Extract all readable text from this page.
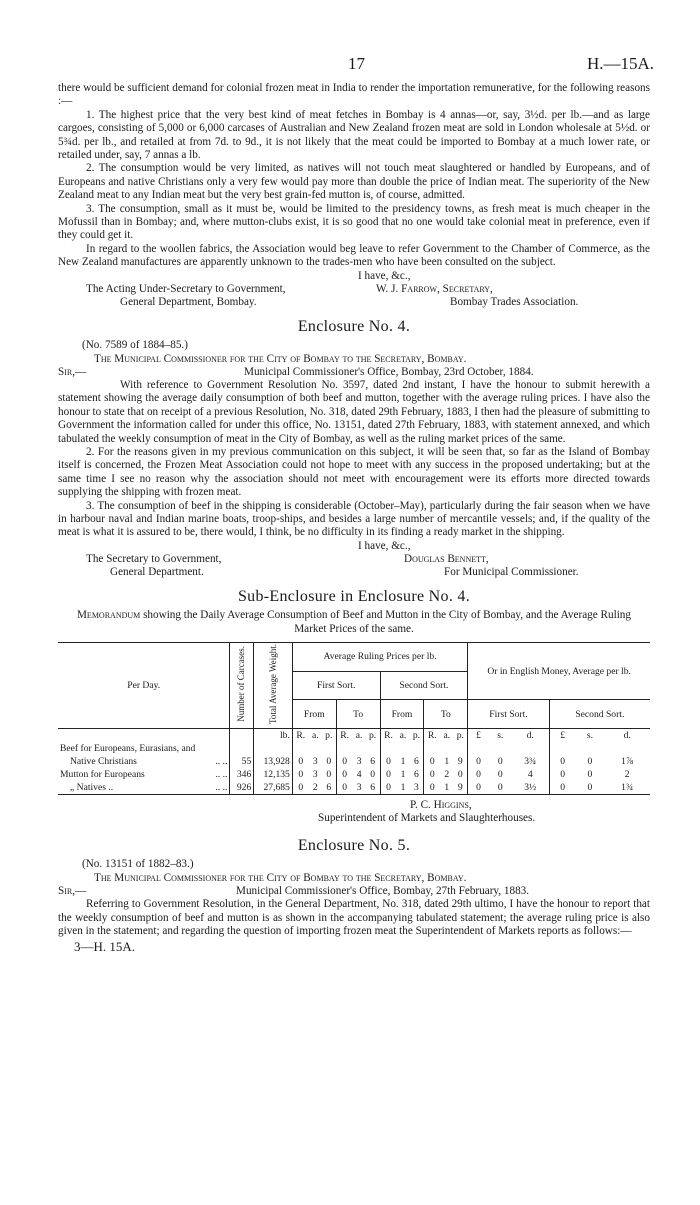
17	H.—15A.

there would be sufficient demand for colonial frozen meat in India to render the importation remunerative, for the following reasons :—

1. The highest price that the very best kind of meat fetches in Bombay is 4 annas—or, say, 3½d. per lb.—and as large cargoes, consisting of 5,000 or 6,000 carcases of Australian and New Zealand frozen meat are sold in London wholesale at 5½d. or 5¾d. per lb., and retailed at from 7d. to 9d., it is not likely that the meat could be imported to Bombay at a much lower rate, or retailed under, say, 7 annas a lb.

2. The consumption would be very limited, as natives will not touch meat slaughtered or handled by Europeans, and of Europeans and native Christians only a very few would pay more than double the price of Indian meat. The superiority of the New Zealand meat to any Indian meat but the very best grain-fed mutton is, of course, admitted.

3. The consumption, small as it must be, would be limited to the presidency towns, as fresh meat is much cheaper in the Mofussil than in Bombay; and, where mutton-clubs exist, it is so good that no one would take colonial meat in preference, even if they could get it.

In regard to the woollen fabrics, the Association would beg leave to refer Government to the Chamber of Commerce, as the New Zealand manufactures are apparently unknown to the trades-men who have been consulted on the subject.

I have, &c.,
The Acting Under-Secretary to Government,
General Department, Bombay.
W. J. Farrow, Secretary,
Bombay Trades Association.
Enclosure No. 4.

(No. 7589 of 1884–85.)

The Municipal Commissioner for the City of Bombay to the Secretary, Bombay.

Sir,—	Municipal Commissioner's Office, Bombay, 23rd October, 1884.

With reference to Government Resolution No. 3597, dated 2nd instant, I have the honour to submit herewith a statement showing the average daily consumption of both beef and mutton, together with the average ruling prices. I have also the honour to state that on receipt of a previous Resolution, No. 318, dated 29th February, 1883, I then had the pleasure of submitting to Government the information called for under this office, No. 13151, dated 27th February, 1883, with statement annexed, and which tabulated the weekly consumption of meat in the City of Bombay, as well as the ruling market prices of the same.

2. For the reasons given in my previous communication on this subject, it will be seen that, so far as the Island of Bombay itself is concerned, the Frozen Meat Association could not hope to meet with any success in the proposed undertaking; but at the same time I see no reason why the association should not meet with encouragement were its efforts more directed towards supplying the shipping with frozen meat.

3. The consumption of beef in the shipping is considerable (October–May), particularly during the fair season when we have in harbour naval and Indian marine boats, troop-ships, and besides a large number of mercantile vessels; and, if the quality of the meat is what it is assured to be, there would, I think, be no difficulty in its finding a ready market in the shipping.

I have, &c.,
The Secretary to Government,
General Department.
Douglas Bennett,
For Municipal Commissioner.
Sub-Enclosure in Enclosure No. 4.

Memorandum showing the Daily Average Consumption of Beef and Mutton in the City of Bombay, and the Average Ruling Market Prices of the same.

Per Day.	Number of Carcases.	Total Average Weight.	Average Ruling Prices per lb.												Or in English Money, Average per lb.					
			First Sort.						Second Sort.											
			From			To			From			To			First Sort.			Second Sort.		
		lb.	R.	a.	p.	R.	a.	p.	R.	a.	p.	R.	a.	p.	£	s.	d.	£	s.	d.
Beef for Europeans, Eurasians, and																				
Native Christians .. ..	55	13,928	0	3	0	0	3	6	0	1	6	0	1	9	0	0	3¾	0	0	1⅞
Mutton for Europeans .. ..	346	12,135	0	3	0	0	4	0	0	1	6	0	2	0	0	0	4	0	0	2
„ Natives .. .. ..	926	27,685	0	2	6	0	3	6	0	1	3	0	1	9	0	0	3½	0	0	1¾
P. C. Higgins,
Superintendent of Markets and Slaughterhouses.
Enclosure No. 5.

(No. 13151 of 1882–83.)

The Municipal Commissioner for the City of Bombay to the Secretary, Bombay.

Sir,—	Municipal Commissioner's Office, Bombay, 27th February, 1883.

Referring to Government Resolution, in the General Department, No. 318, dated 29th ultimo, I have the honour to report that the weekly consumption of beef and mutton is as shown in the accompanying tabulated statement; the average ruling price is also given in the statement; and regarding the question of importing frozen meat the Superintendent of Markets reports as follows:—

3—H. 15A.
